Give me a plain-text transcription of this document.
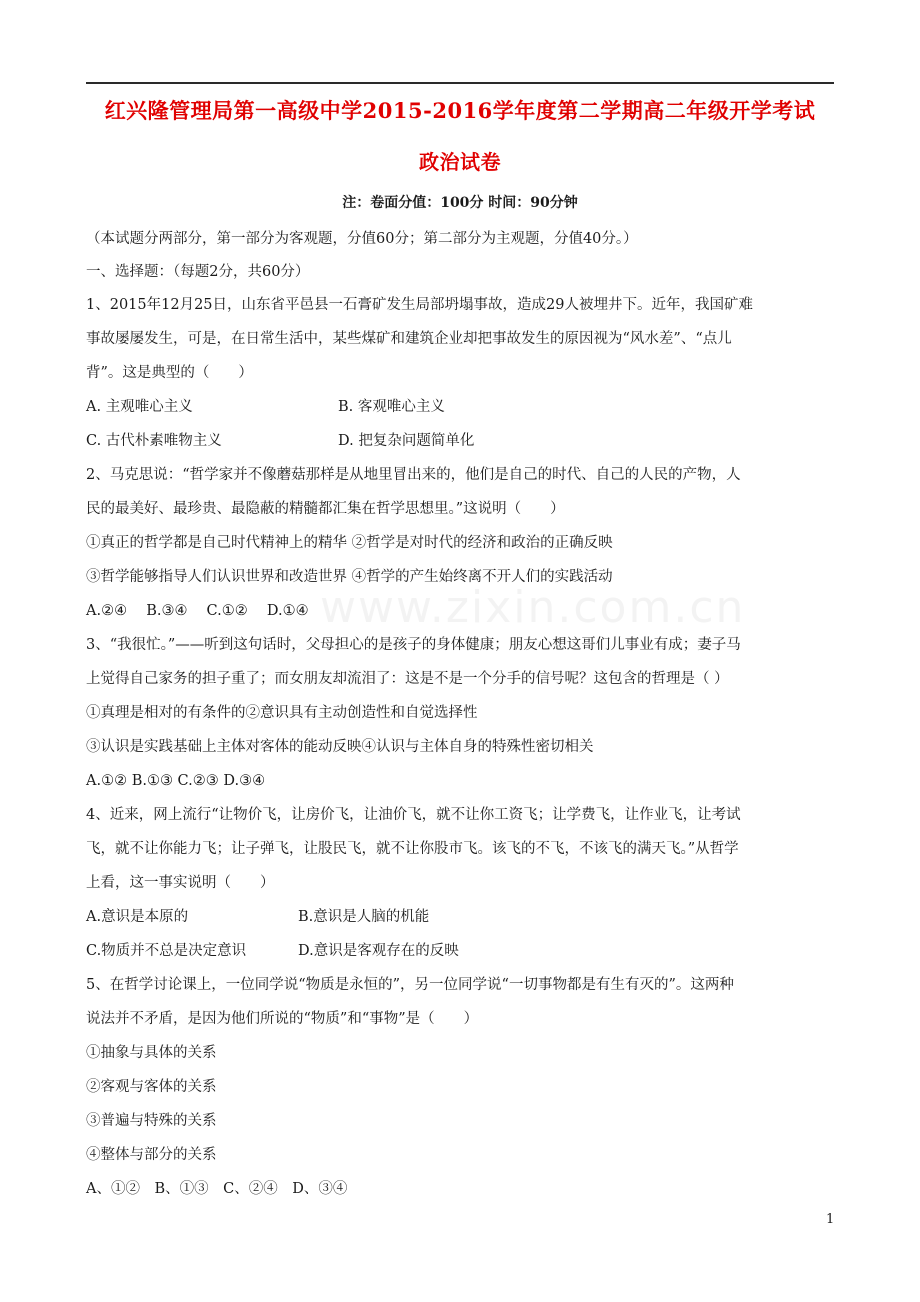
www.zixin.com.cn
红兴隆管理局第一高级中学2015-2016学年度第二学期高二年级开学考试
政治试卷
注：卷面分值：100分 时间：90分钟
（本试题分两部分，第一部分为客观题，分值60分；第二部分为主观题，分值40分。）
一、选择题：（每题2分，共60分）
1、2015年12月25日，山东省平邑县一石膏矿发生局部坍塌事故，造成29人被埋井下。近年，我国矿难
事故屡屡发生，可是，在日常生活中，某些煤矿和建筑企业却把事故发生的原因视为“风水差”、“点儿
背”。这是典型的（　　）
A. 主观唯心主义	B. 客观唯心主义
C. 古代朴素唯物主义	D. 把复杂问题简单化
2、马克思说：“哲学家并不像蘑菇那样是从地里冒出来的，他们是自己的时代、自己的人民的产物，人
民的最美好、最珍贵、最隐蔽的精髓都汇集在哲学思想里。”这说明（　　）
①真正的哲学都是自己时代精神上的精华 ②哲学是对时代的经济和政治的正确反映
③哲学能够指导人们认识世界和改造世界 ④哲学的产生始终离不开人们的实践活动
A.②④　 B.③④　 C.①②　 D.①④
3、“我很忙。”——听到这句话时，父母担心的是孩子的身体健康；朋友心想这哥们儿事业有成；妻子马
上觉得自己家务的担子重了；而女朋友却流泪了：这是不是一个分手的信号呢？这包含的哲理是（ ）
①真理是相对的有条件的②意识具有主动创造性和自觉选择性
③认识是实践基础上主体对客体的能动反映④认识与主体自身的特殊性密切相关
A.①② B.①③ C.②③ D.③④
4、近来，网上流行“让物价飞，让房价飞，让油价飞，就不让你工资飞；让学费飞，让作业飞，让考试
飞，就不让你能力飞；让子弹飞，让股民飞，就不让你股市飞。该飞的不飞，不该飞的满天飞。”从哲学
上看，这一事实说明（　　）
A.意识是本原的	B.意识是人脑的机能
C.物质并不总是决定意识	D.意识是客观存在的反映
5、在哲学讨论课上，一位同学说“物质是永恒的”，另一位同学说“一切事物都是有生有灭的”。这两种
说法并不矛盾，是因为他们所说的“物质”和“事物”是（　　）
①抽象与具体的关系
②客观与客体的关系
③普遍与特殊的关系
④整体与部分的关系
A、①②　B、①③　C、②④　D、③④
1
